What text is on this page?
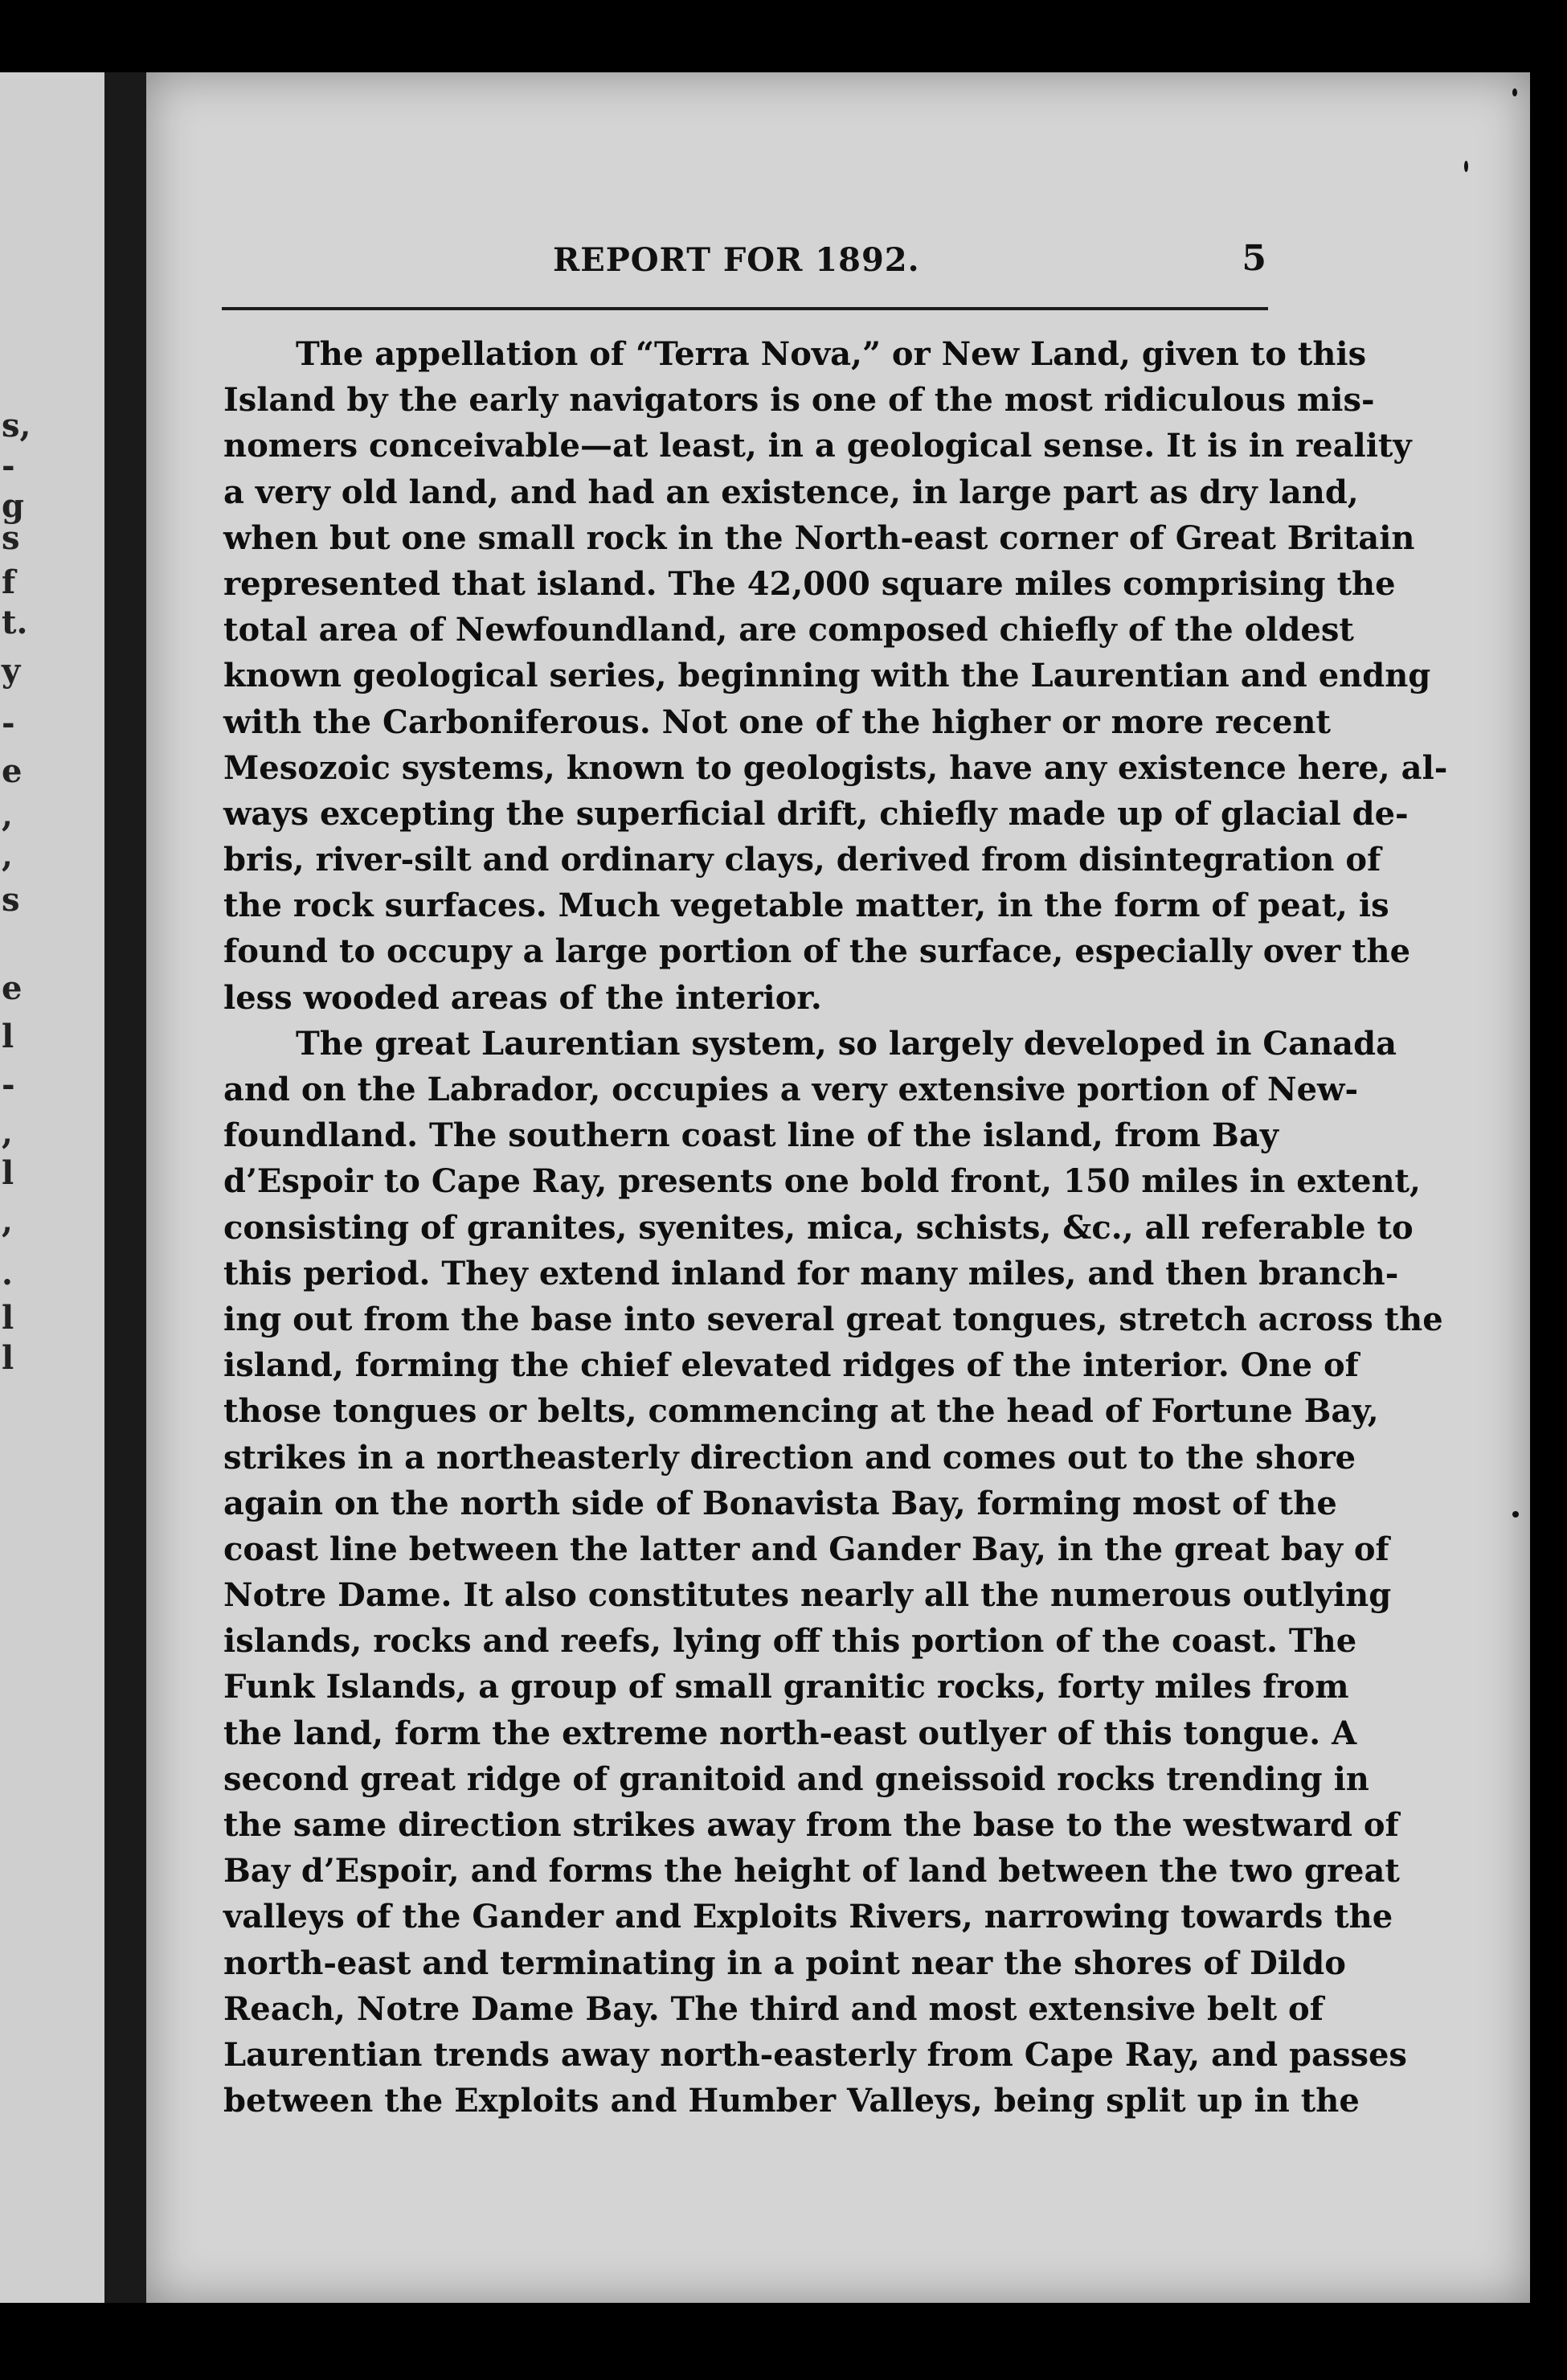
s,
-
g
s
f
t.
y
-
e
,
,
s
e
l
-
,
l
,
.
l
l
REPORT FOR 1892.	5
The appellation of “Terra Nova,” or New Land, given to this
Island by the early navigators is one of the most ridiculous mis-
nomers conceivable—at least, in a geological sense. It is in reality
a very old land, and had an existence, in large part as dry land,
when but one small rock in the North-east corner of Great Britain
represented that island. The 42,000 square miles comprising the
total area of Newfoundland, are composed chiefly of the oldest
known geological series, beginning with the Laurentian and endng
with the Carboniferous. Not one of the higher or more recent
Mesozoic systems, known to geologists, have any existence here, al-
ways excepting the superficial drift, chiefly made up of glacial de-
bris, river-silt and ordinary clays, derived from disintegration of
the rock surfaces. Much vegetable matter, in the form of peat, is
found to occupy a large portion of the surface, especially over the
less wooded areas of the interior.
The great Laurentian system, so largely developed in Canada
and on the Labrador, occupies a very extensive portion of New-
foundland. The southern coast line of the island, from Bay
d’Espoir to Cape Ray, presents one bold front, 150 miles in extent,
consisting of granites, syenites, mica, schists, &c., all referable to
this period. They extend inland for many miles, and then branch-
ing out from the base into several great tongues, stretch across the
island, forming the chief elevated ridges of the interior. One of
those tongues or belts, commencing at the head of Fortune Bay,
strikes in a northeasterly direction and comes out to the shore
again on the north side of Bonavista Bay, forming most of the
coast line between the latter and Gander Bay, in the great bay of
Notre Dame. It also constitutes nearly all the numerous outlying
islands, rocks and reefs, lying off this portion of the coast. The
Funk Islands, a group of small granitic rocks, forty miles from
the land, form the extreme north-east outlyer of this tongue. A
second great ridge of granitoid and gneissoid rocks trending in
the same direction strikes away from the base to the westward of
Bay d’Espoir, and forms the height of land between the two great
valleys of the Gander and Exploits Rivers, narrowing towards the
north-east and terminating in a point near the shores of Dildo
Reach, Notre Dame Bay. The third and most extensive belt of
Laurentian trends away north-easterly from Cape Ray, and passes
between the Exploits and Humber Valleys, being split up in the
